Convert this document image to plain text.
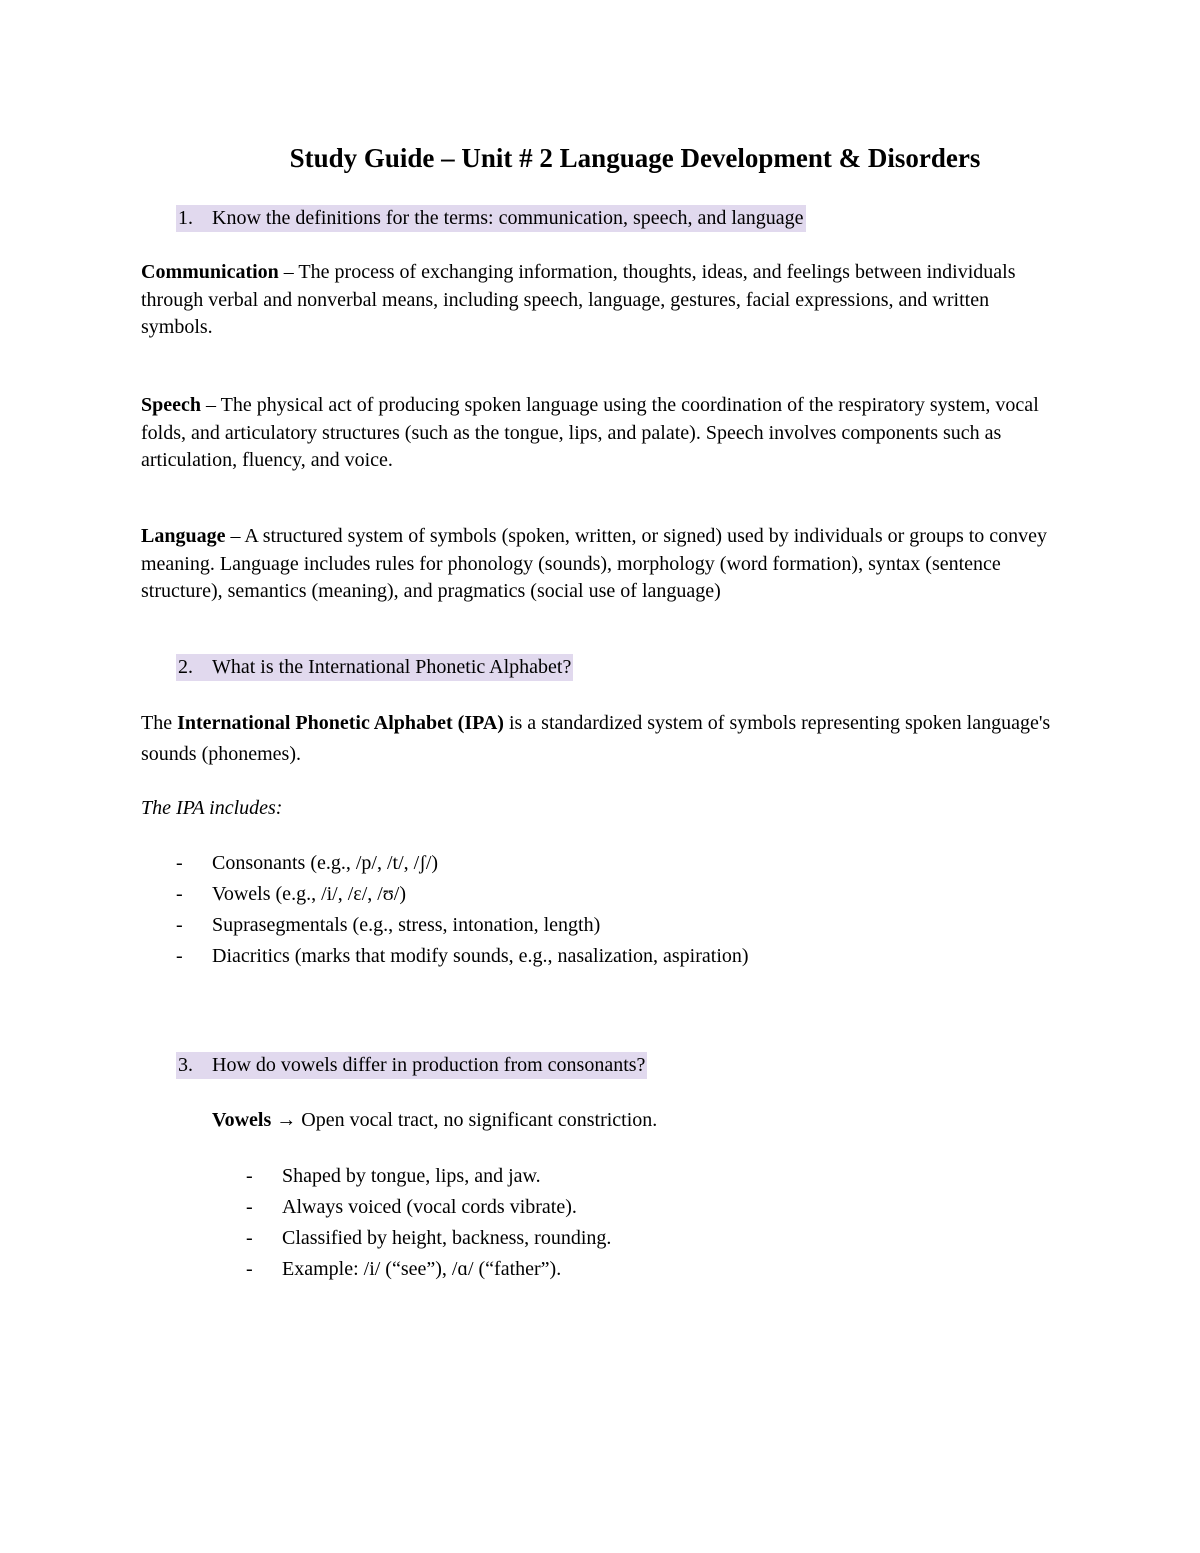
Study Guide – Unit # 2 Language Development & Disorders
1. Know the definitions for the terms: communication, speech, and language
Communication – The process of exchanging information, thoughts, ideas, and feelings between individuals through verbal and nonverbal means, including speech, language, gestures, facial expressions, and written symbols.
Speech – The physical act of producing spoken language using the coordination of the respiratory system, vocal folds, and articulatory structures (such as the tongue, lips, and palate). Speech involves components such as articulation, fluency, and voice.
Language – A structured system of symbols (spoken, written, or signed) used by individuals or groups to convey meaning. Language includes rules for phonology (sounds), morphology (word formation), syntax (sentence structure), semantics (meaning), and pragmatics (social use of language)
2. What is the International Phonetic Alphabet?
The International Phonetic Alphabet (IPA) is a standardized system of symbols representing spoken language's sounds (phonemes).
The IPA includes:
- Consonants (e.g., /p/, /t/, /ʃ/)
- Vowels (e.g., /i/, /ɛ/, /ʊ/)
- Suprasegmentals (e.g., stress, intonation, length)
- Diacritics (marks that modify sounds, e.g., nasalization, aspiration)
3. How do vowels differ in production from consonants?
Vowels → Open vocal tract, no significant constriction.
- Shaped by tongue, lips, and jaw.
- Always voiced (vocal cords vibrate).
- Classified by height, backness, rounding.
- Example: /i/ (“see”), /ɑ/ (“father”).
